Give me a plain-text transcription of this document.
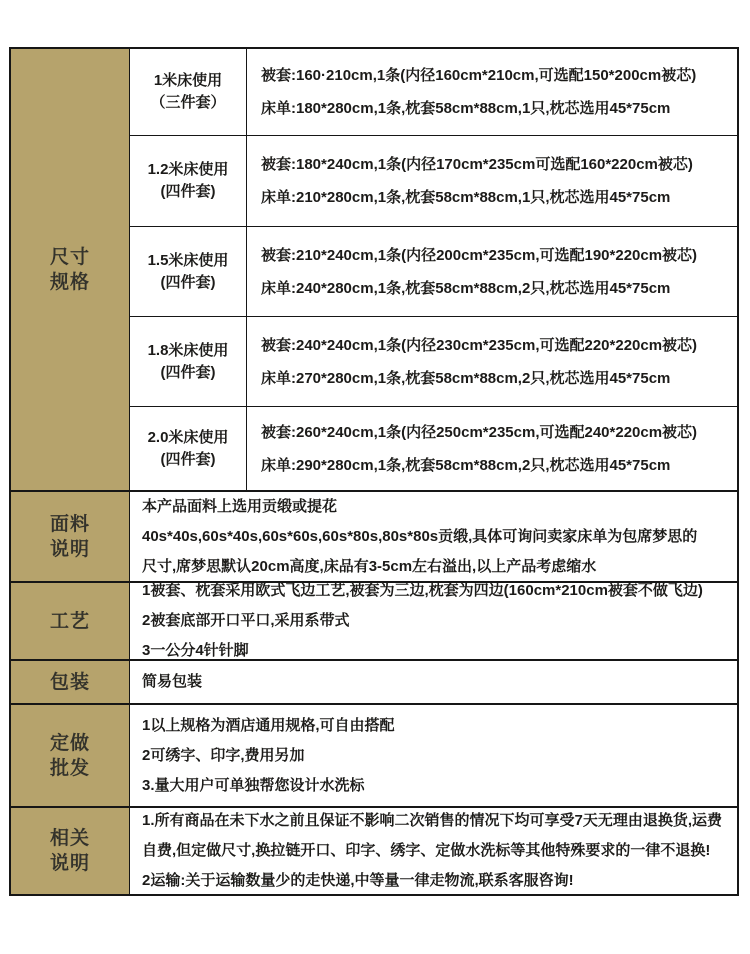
尺寸
规格
1米床使用
（三件套）
被套:160·210cm,1条(内径160cm*210cm,可选配150*200cm被芯)
床单:180*280cm,1条,枕套58cm*88cm,1只,枕芯选用45*75cm
1.2米床使用
(四件套)
被套:180*240cm,1条(内径170cm*235cm可选配160*220cm被芯)
床单:210*280cm,1条,枕套58cm*88cm,1只,枕芯选用45*75cm
1.5米床使用
(四件套)
被套:210*240cm,1条(内径200cm*235cm,可选配190*220cm被芯)
床单:240*280cm,1条,枕套58cm*88cm,2只,枕芯选用45*75cm
1.8米床使用
(四件套)
被套:240*240cm,1条(内径230cm*235cm,可选配220*220cm被芯)
床单:270*280cm,1条,枕套58cm*88cm,2只,枕芯选用45*75cm
2.0米床使用
(四件套)
被套:260*240cm,1条(内径250cm*235cm,可选配240*220cm被芯)
床单:290*280cm,1条,枕套58cm*88cm,2只,枕芯选用45*75cm
面料
说明
本产品面料上选用贡缎或提花
40s*40s,60s*40s,60s*60s,60s*80s,80s*80s贡缎,具体可询问卖家床单为包席梦思的
尺寸,席梦思默认20cm高度,床品有3-5cm左右溢出,以上产品考虑缩水
工艺
1被套、枕套采用欧式飞边工艺,被套为三边,枕套为四边(160cm*210cm被套不做飞边)
2被套底部开口平口,采用系带式
3一公分4针针脚
包装	简易包装
定做
批发
1以上规格为酒店通用规格,可自由搭配
2可绣字、印字,费用另加
3.量大用户可单独帮您设计水洗标
相关
说明
1.所有商品在未下水之前且保证不影响二次销售的情况下均可享受7天无理由退换货,运费
自费,但定做尺寸,换拉链开口、印字、绣字、定做水洗标等其他特殊要求的一律不退换!
2运输:关于运输数量少的走快递,中等量一律走物流,联系客服咨询!
